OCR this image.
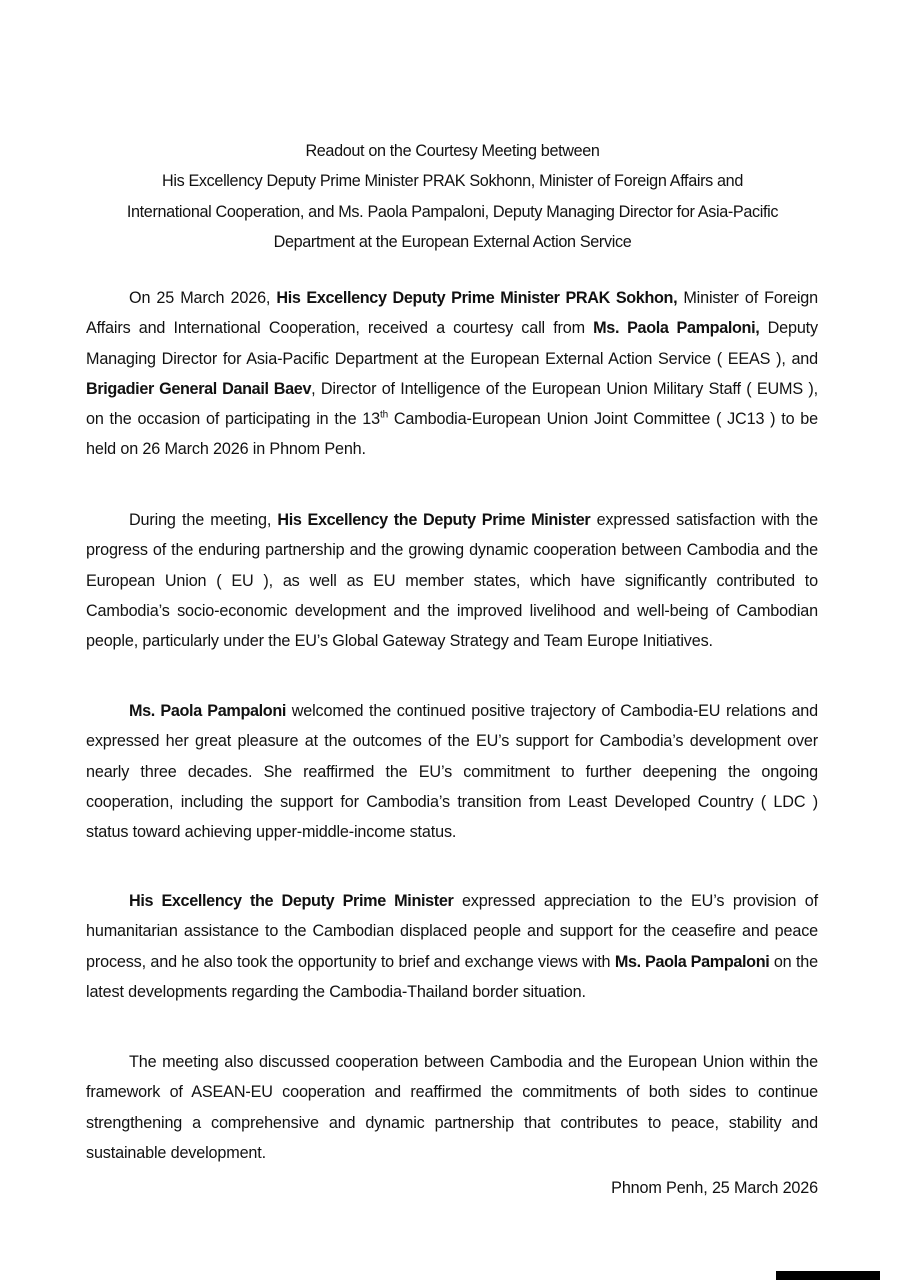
Readout on the Courtesy Meeting between
His Excellency Deputy Prime Minister PRAK Sokhonn, Minister of Foreign Affairs and
International Cooperation, and Ms. Paola Pampaloni, Deputy Managing Director for Asia-Pacific
Department at the European External Action Service

On 25 March 2026, His Excellency Deputy Prime Minister PRAK Sokhon, Minister of Foreign Affairs and International Cooperation, received a courtesy call from Ms. Paola Pampaloni, Deputy Managing Director for Asia-Pacific Department at the European External Action Service ( EEAS ), and Brigadier General Danail Baev, Director of Intelligence of the European Union Military Staff ( EUMS ), on the occasion of participating in the 13th Cambodia-European Union Joint Committee ( JC13 ) to be held on 26 March 2026 in Phnom Penh.

During the meeting, His Excellency the Deputy Prime Minister expressed satisfaction with the progress of the enduring partnership and the growing dynamic cooperation between Cambodia and the European Union ( EU ), as well as EU member states, which have significantly contributed to Cambodia’s socio-economic development and the improved livelihood and well-being of Cambodian people, particularly under the EU’s Global Gateway Strategy and Team Europe Initiatives.

Ms. Paola Pampaloni welcomed the continued positive trajectory of Cambodia-EU relations and expressed her great pleasure at the outcomes of the EU’s support for Cambodia’s development over nearly three decades. She reaffirmed the EU’s commitment to further deepening the ongoing cooperation, including the support for Cambodia’s transition from Least Developed Country ( LDC ) status toward achieving upper-middle-income status.

His Excellency the Deputy Prime Minister expressed appreciation to the EU’s provision of humanitarian assistance to the Cambodian displaced people and support for the ceasefire and peace process, and he also took the opportunity to brief and exchange views with Ms. Paola Pampaloni on the latest developments regarding the Cambodia-Thailand border situation.

The meeting also discussed cooperation between Cambodia and the European Union within the framework of ASEAN-EU cooperation and reaffirmed the commitments of both sides to continue strengthening a comprehensive and dynamic partnership that contributes to peace, stability and sustainable development.

Phnom Penh, 25 March 2026
